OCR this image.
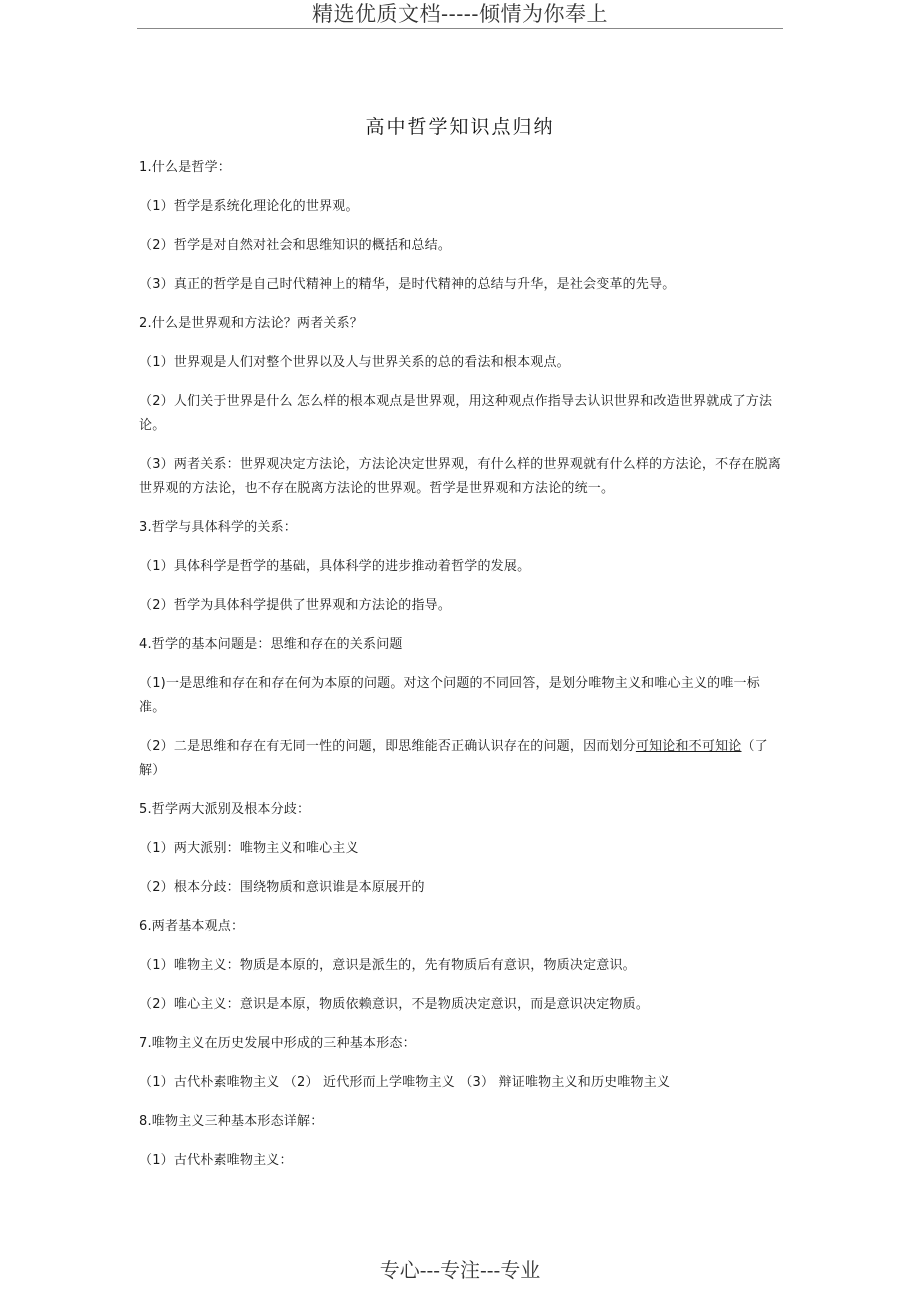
精选优质文档-----倾情为你奉上
高中哲学知识点归纳

1.什么是哲学：

（1）哲学是系统化理论化的世界观。

（2）哲学是对自然对社会和思维知识的概括和总结。

（3）真正的哲学是自己时代精神上的精华，是时代精神的总结与升华，是社会变革的先导。

2.什么是世界观和方法论？两者关系？

（1）世界观是人们对整个世界以及人与世界关系的总的看法和根本观点。

（2）人们关于世界是什么 怎么样的根本观点是世界观，用这种观点作指导去认识世界和改造世界就成了方法论。

（3）两者关系：世界观决定方法论，方法论决定世界观，有什么样的世界观就有什么样的方法论，不存在脱离世界观的方法论，也不存在脱离方法论的世界观。哲学是世界观和方法论的统一。

3.哲学与具体科学的关系：

（1）具体科学是哲学的基础，具体科学的进步推动着哲学的发展。

（2）哲学为具体科学提供了世界观和方法论的指导。

4.哲学的基本问题是：思维和存在的关系问题

（1)一是思维和存在和存在何为本原的问题。对这个问题的不同回答，是划分唯物主义和唯心主义的唯一标准。

（2）二是思维和存在有无同一性的问题，即思维能否正确认识存在的问题，因而划分可知论和不可知论（了解）

5.哲学两大派别及根本分歧：

（1）两大派别：唯物主义和唯心主义

（2）根本分歧：围绕物质和意识谁是本原展开的

6.两者基本观点：

（1）唯物主义：物质是本原的，意识是派生的，先有物质后有意识，物质决定意识。

（2）唯心主义：意识是本原，物质依赖意识，不是物质决定意识，而是意识决定物质。

7.唯物主义在历史发展中形成的三种基本形态：

（1）古代朴素唯物主义 （2） 近代形而上学唯物主义 （3） 辩证唯物主义和历史唯物主义

8.唯物主义三种基本形态详解：

（1）古代朴素唯物主义：

专心---专注---专业
